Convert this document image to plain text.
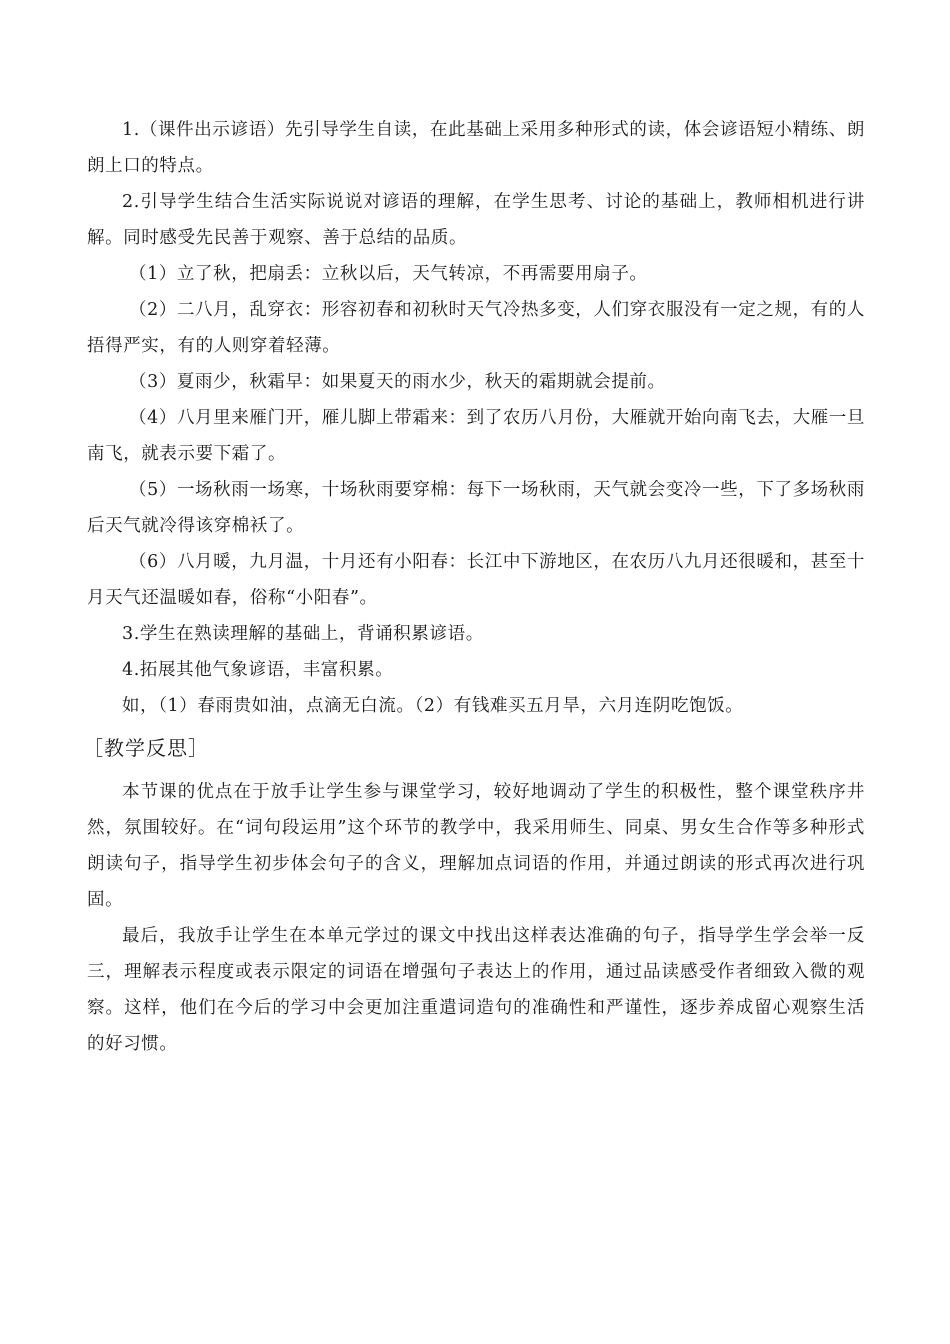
1.（课件出示谚语）先引导学生自读，在此基础上采用多种形式的读，体会谚语短小精练、朗朗上口的特点。

2.引导学生结合生活实际说说对谚语的理解，在学生思考、讨论的基础上，教师相机进行讲解。同时感受先民善于观察、善于总结的品质。

（1）立了秋，把扇丢：立秋以后，天气转凉，不再需要用扇子。

（2）二八月，乱穿衣：形容初春和初秋时天气冷热多变，人们穿衣服没有一定之规，有的人捂得严实，有的人则穿着轻薄。

（3）夏雨少，秋霜早：如果夏天的雨水少，秋天的霜期就会提前。

（4）八月里来雁门开，雁儿脚上带霜来：到了农历八月份，大雁就开始向南飞去，大雁一旦南飞，就表示要下霜了。

（5）一场秋雨一场寒，十场秋雨要穿棉：每下一场秋雨，天气就会变冷一些，下了多场秋雨后天气就冷得该穿棉袄了。

（6）八月暖，九月温，十月还有小阳春：长江中下游地区，在农历八九月还很暖和，甚至十月天气还温暖如春，俗称“小阳春”。

3.学生在熟读理解的基础上，背诵积累谚语。

4.拓展其他气象谚语，丰富积累。

如，（1）春雨贵如油，点滴无白流。（2）有钱难买五月旱，六月连阴吃饱饭。

［教学反思］

本节课的优点在于放手让学生参与课堂学习，较好地调动了学生的积极性，整个课堂秩序井然，氛围较好。在“词句段运用”这个环节的教学中，我采用师生、同桌、男女生合作等多种形式朗读句子，指导学生初步体会句子的含义，理解加点词语的作用，并通过朗读的形式再次进行巩固。

最后，我放手让学生在本单元学过的课文中找出这样表达准确的句子，指导学生学会举一反三，理解表示程度或表示限定的词语在增强句子表达上的作用，通过品读感受作者细致入微的观察。这样，他们在今后的学习中会更加注重遣词造句的准确性和严谨性，逐步养成留心观察生活的好习惯。
